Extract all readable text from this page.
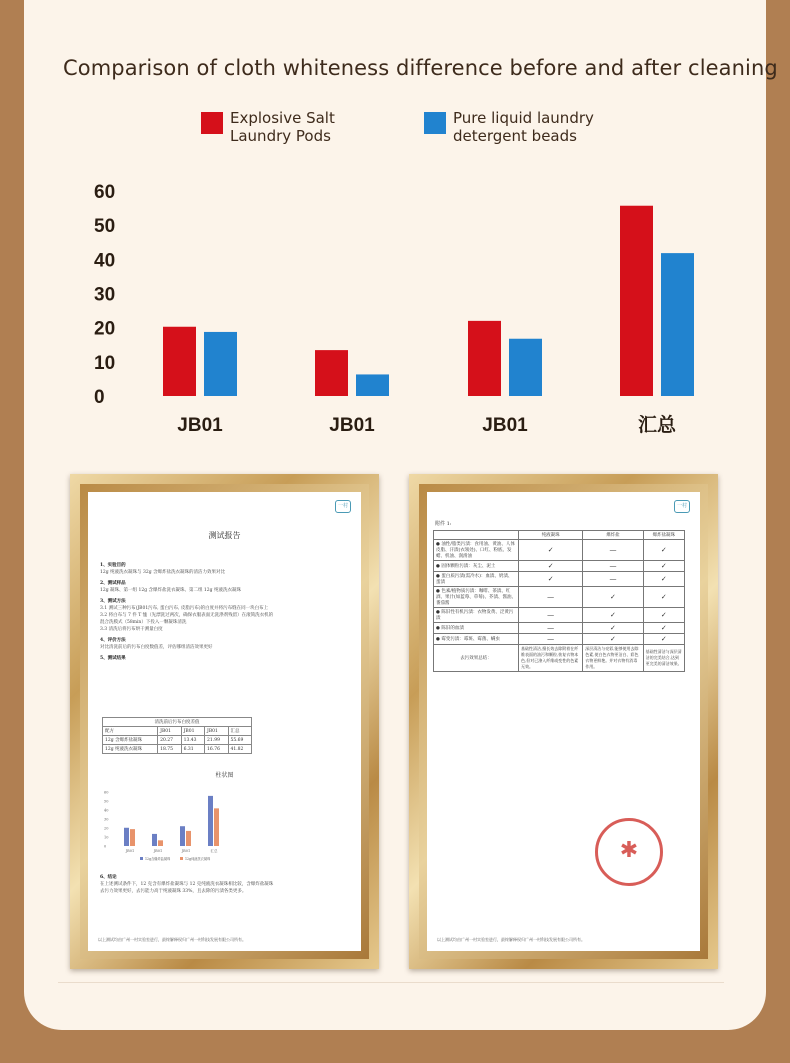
Comparison of cloth whiteness difference before and after cleaning
Explosive Salt Laundry Pods
Pure liquid laundry detergent beads
0
10
20
30
40
50
60
JB01	JB01	JB01	汇总
一村
测试报告
1、实验目的
12g 纯液洗衣凝珠与 32g 含爆炸盐洗衣凝珠的清洁力效果对比
2、测试样品
12g 凝珠、第一组 12g 含爆炸盐洗衣凝珠、第二组 12g 纯液洗衣凝珠
3、测试方法
3.1 测试三种污布(JB01污布, 蛋白污布, 皮脂污布)的白度并将污布缝在同一块白布上
3.2 将白布与 7 件 T 恤（先漂洗过两次，确保衣服表面无洗涤剂残留）在滚筒洗衣机的
混合洗模式（58min）下投入一颗凝珠清洗
3.3 清洗后将污布烘干测量白度
4、评价方法
对比清洗前后的污布白度数值差，评估哪组清洁效果更好
5、测试结果
清洗前后污布白度差值				
配方	JB01	JB01	JB01	汇总
12g 含爆炸盐凝珠	20.27	13.43	21.99	55.69
12g 纯液洗衣凝珠	18.75	6.31	16.76	41.82
柱状图
0
10
20
30
40
50
60
JB01	JB01	JB01	汇总
12g含爆炸盐凝珠	12g纯液洗衣凝珠
6、结论
在上述测试条件下，12 克含有爆炸盐凝珠与 12 克纯液洗衣凝珠相比较，含爆炸盐凝珠
去污力效果更好，去污能力高于纯液凝珠 33%，且去除的污渍各类更多。
以上测试均由广州一村实验室进行，最终解释权归广州一村科技发展有限公司所有。
一村
附件 1:
	纯液凝珠	爆炸盐	爆炸盐凝珠
● 油性/脂类污渍：食用油、黄油、人体皮脂、汗渍(衣领处)、口红、粉底、发蜡、机油、润滑油	✓	—	✓
● 固体颗粒污渍：灰尘、泥土	✓	—	✓
● 蛋白质污渍(需冷水)：血渍、奶渍、蛋渍	✓	—	✓
● 色素/植物质污渍：咖啡、茶渍、红酒、果汁(如蓝莓、草莓)、芥渍、酱油、番茄酱	—	✓	✓
● 陈旧性有机污渍：衣物发黄、泛黄污渍	—	✓	✓
● 陈旧的血渍	—	✓	✓
● 霉变污渍：霉斑、霉菌、螨虫	—	✓	✓
去污效果总结：	基础性清洁,擅长效去除附着在纤维表面的油污和颗粒,恢复衣物本色,但对已渗入纤维或变性的色素无效。	深层清洁与亮彩,能够使用去除色素,使白色衣物更洁白、彩色衣物更鲜艳。并对衣物有消毒作用。	基础性清洁与深层清洁的完美结合,达到更完美的清洁效果。
✱
以上测试均由广州一村实验室进行，最终解释权归广州一村科技发展有限公司所有。
